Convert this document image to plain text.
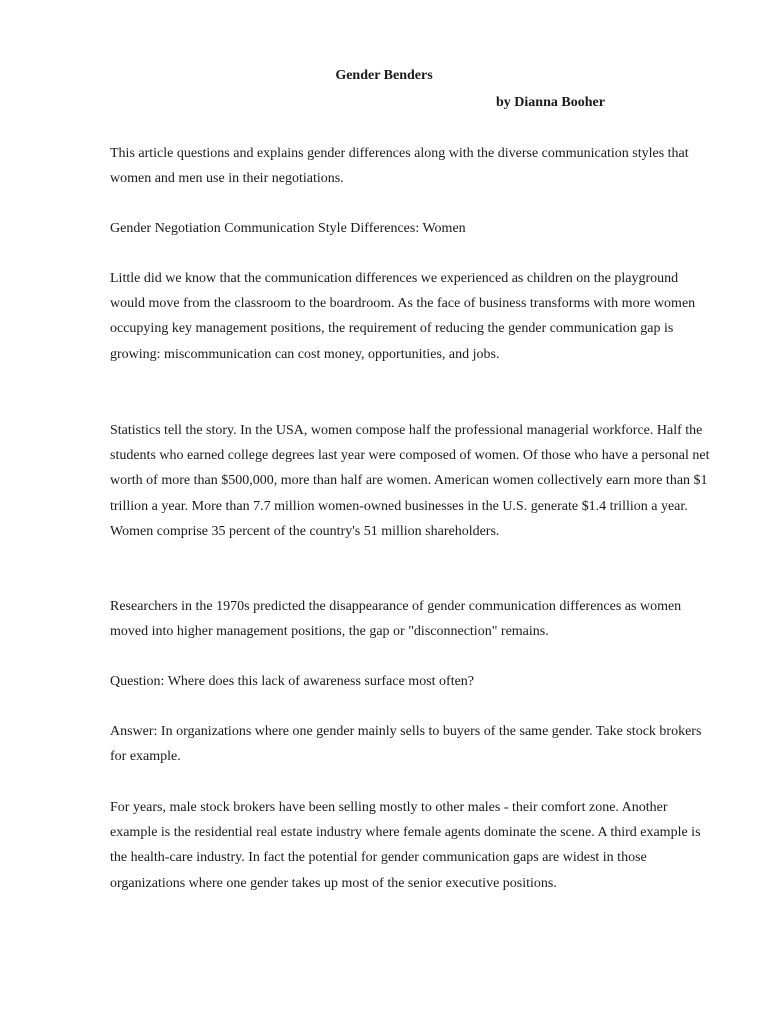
Gender Benders
by Dianna Booher

This article questions and explains gender differences along with the diverse communication styles that women and men use in their negotiations.

Gender Negotiation Communication Style Differences: Women

Little did we know that the communication differences we experienced as children on the playground would move from the classroom to the boardroom. As the face of business transforms with more women occupying key management positions, the requirement of reducing the gender communication gap is growing: miscommunication can cost money, opportunities, and jobs.

Statistics tell the story. In the USA, women compose half the professional managerial workforce. Half the students who earned college degrees last year were composed of women. Of those who have a personal net worth of more than $500,000, more than half are women. American women collectively earn more than $1 trillion a year. More than 7.7 million women-owned businesses in the U.S. generate $1.4 trillion a year. Women comprise 35 percent of the country's 51 million shareholders.

Researchers in the 1970s predicted the disappearance of gender communication differences as women moved into higher management positions, the gap or "disconnection" remains.

Question: Where does this lack of awareness surface most often?

Answer: In organizations where one gender mainly sells to buyers of the same gender. Take stock brokers for example.

For years, male stock brokers have been selling mostly to other males - their comfort zone. Another example is the residential real estate industry where female agents dominate the scene. A third example is the health-care industry. In fact the potential for gender communication gaps are widest in those organizations where one gender takes up most of the senior executive positions.
